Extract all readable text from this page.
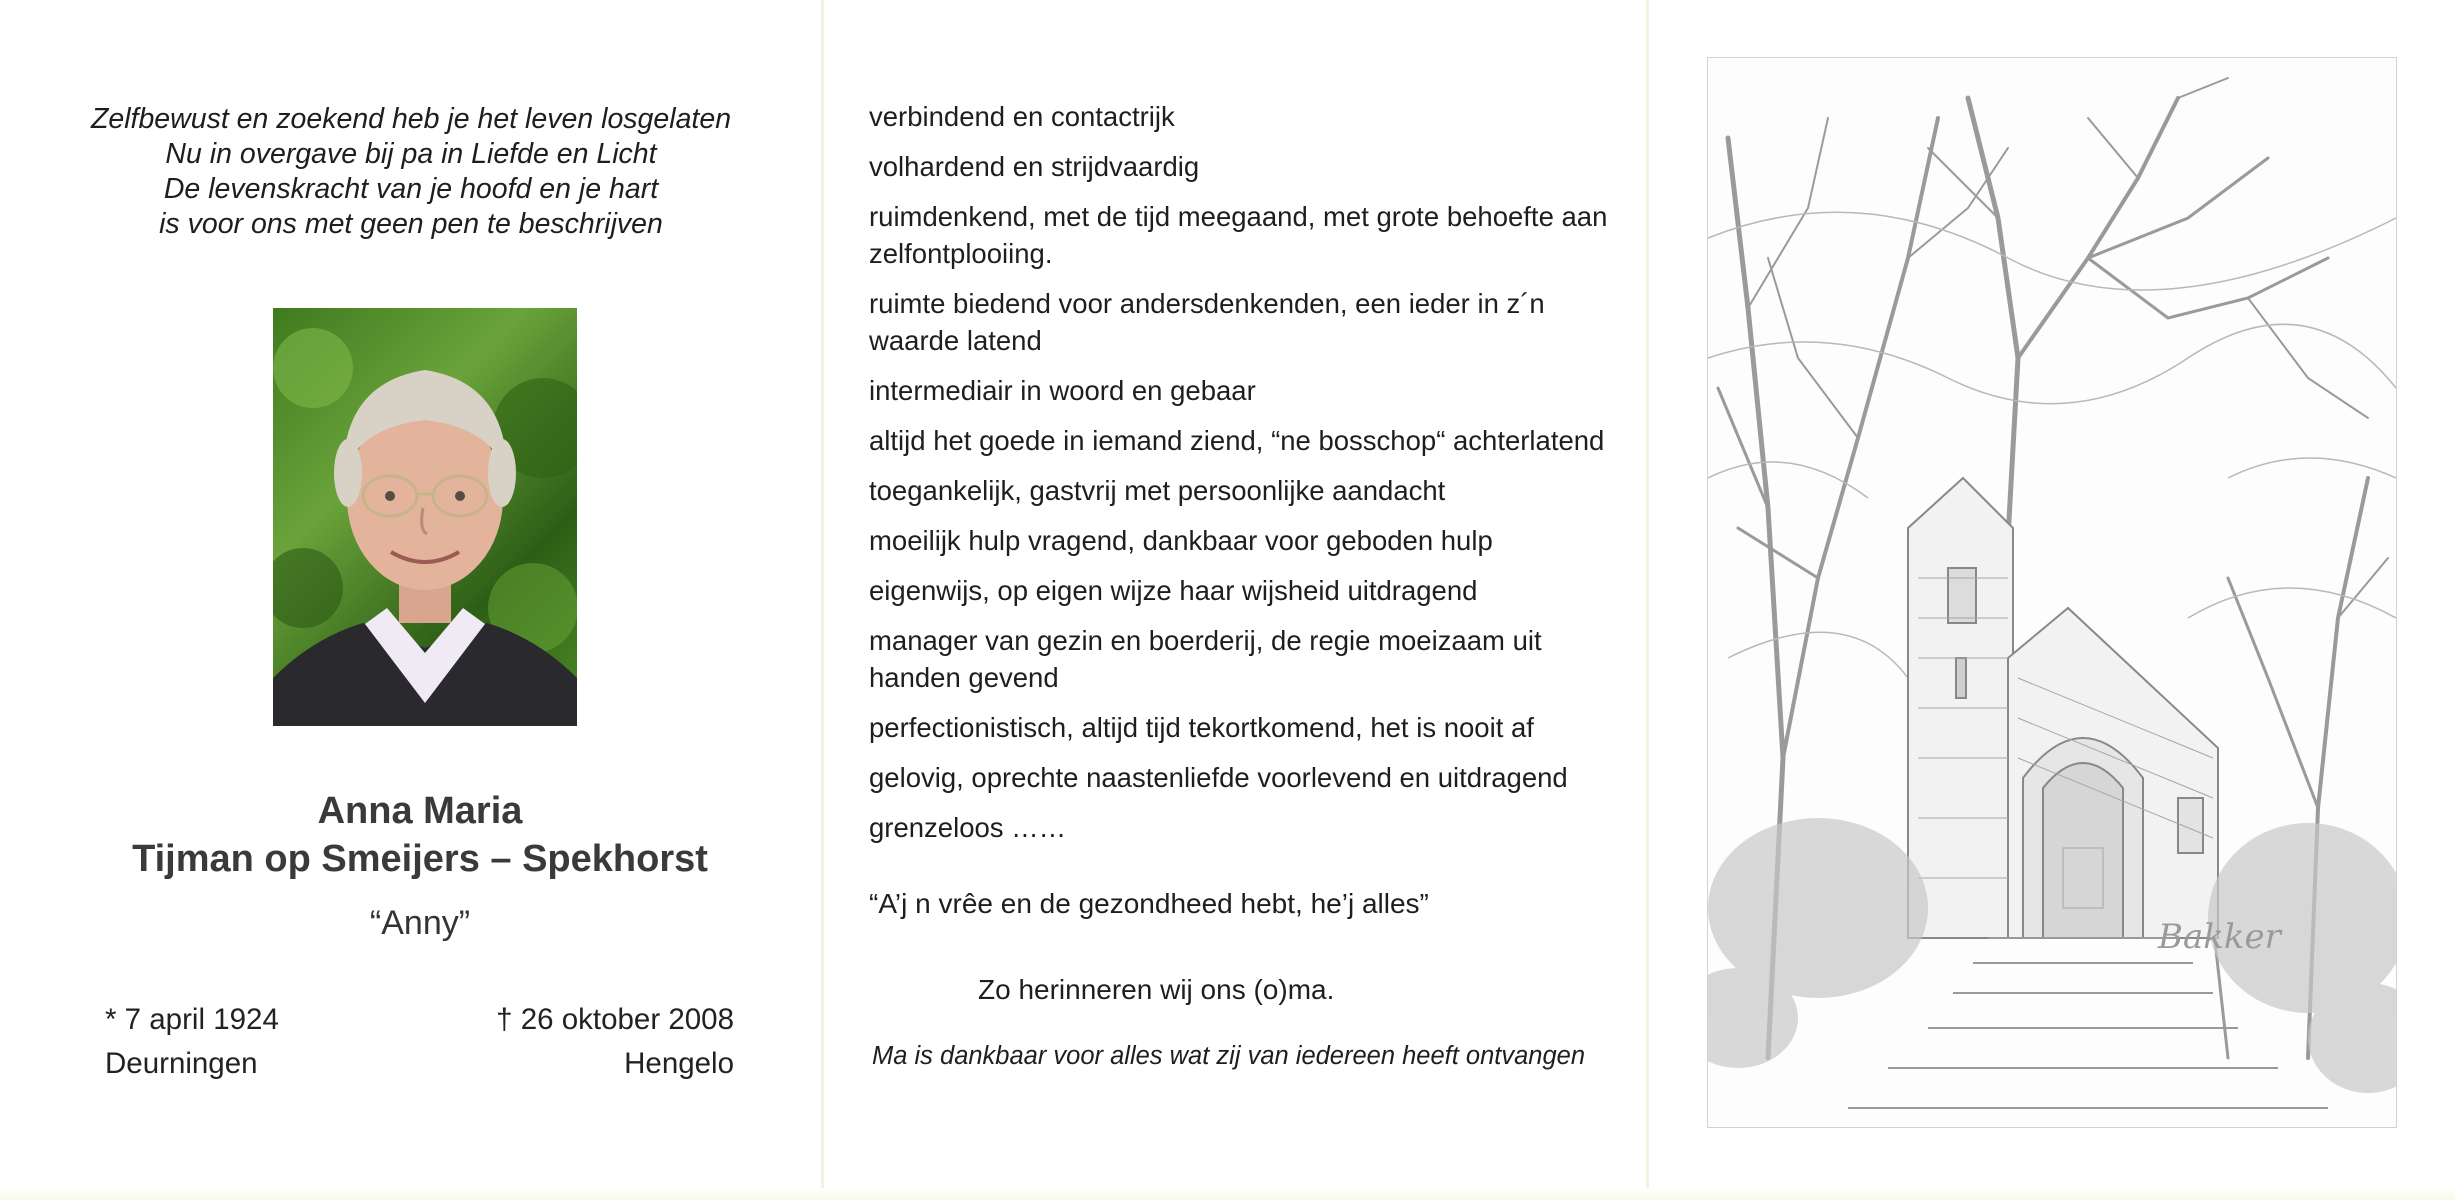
Zelfbewust en zoekend heb je het leven losgelaten
Nu in overgave bij pa in Liefde en Licht
De levenskracht van je hoofd en je hart
is voor ons met geen pen te beschrijven
Anna Maria
Tijman op Smeijers – Spekhorst
“Anny”
* 7 april 1924
Deurningen
† 26 oktober 2008
Hengelo
verbindend en contactrijk
volhardend en strijdvaardig
ruimdenkend, met de tijd meegaand, met grote behoefte aan zelfontplooiing.
ruimte biedend voor andersdenkenden, een ieder in z´n waarde latend
intermediair in woord en gebaar
altijd het goede in iemand ziend, “ne bosschop“ achterlatend
toegankelijk, gastvrij met persoonlijke aandacht
moeilijk hulp vragend, dankbaar voor geboden hulp
eigenwijs, op eigen wijze haar wijsheid uitdragend
manager van gezin en boerderij, de regie moeizaam uit handen gevend
perfectionistisch, altijd tijd tekortkomend, het is nooit af
gelovig, oprechte naastenliefde voorlevend en uitdragend
grenzeloos ……
“A’j n vrêe en de gezondheed hebt, he’j alles”
Zo herinneren wij ons (o)ma.
Ma is dankbaar voor alles wat zij van iedereen heeft ontvangen
Bakker
